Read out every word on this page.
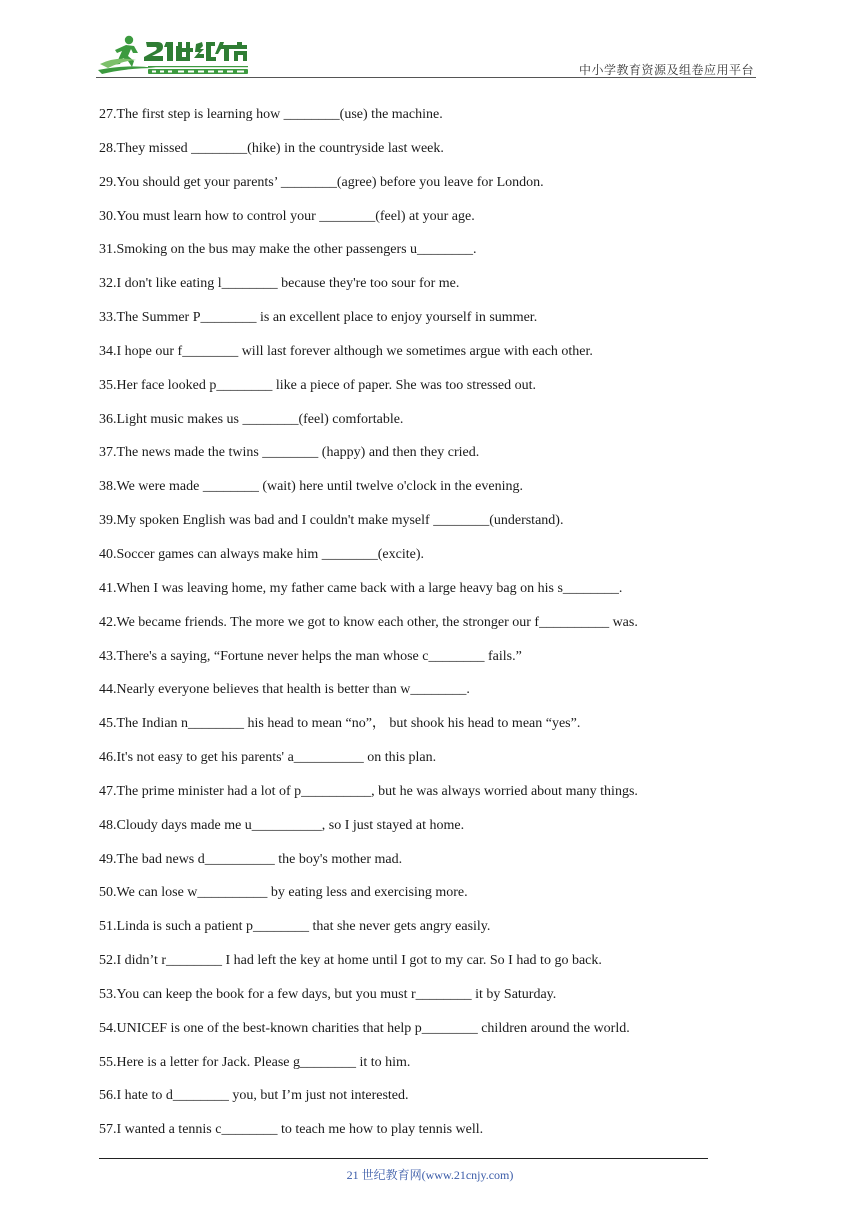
中小学教育资源及组卷应用平台
27.The first step is learning how ________(use) the machine.
28.They missed ________(hike) in the countryside last week.
29.You should get your parents’ ________(agree) before you leave for London.
30.You must learn how to control your ________(feel) at your age.
31.Smoking on the bus may make the other passengers u________.
32.I don't like eating l________ because they're too sour for me.
33.The Summer P________ is an excellent place to enjoy yourself in summer.
34.I hope our f________ will last forever although we sometimes argue with each other.
35.Her face looked p________ like a piece of paper. She was too stressed out.
36.Light music makes us ________(feel) comfortable.
37.The news made the twins ________ (happy) and then they cried.
38.We were made ________ (wait) here until twelve o'clock in the evening.
39.My spoken English was bad and I couldn't make myself ________(understand).
40.Soccer games can always make him ________(excite).
41.When I was leaving home, my father came back with a large heavy bag on his s________.
42.We became friends. The more we got to know each other, the stronger our f__________ was.
43.There's a saying, “Fortune never helps the man whose c________ fails.”
44.Nearly everyone believes that health is better than w________.
45.The Indian n________ his head to mean “no”， but shook his head to mean “yes”.
46.It's not easy to get his parents' a__________ on this plan.
47.The prime minister had a lot of p__________, but he was always worried about many things.
48.Cloudy days made me u__________, so I just stayed at home.
49.The bad news d__________ the boy's mother mad.
50.We can lose w__________ by eating less and exercising more.
51.Linda is such a patient p________ that she never gets angry easily.
52.I didn’t r________ I had left the key at home until I got to my car. So I had to go back.
53.You can keep the book for a few days, but you must r________ it by Saturday.
54.UNICEF is one of the best-known charities that help p________ children around the world.
55.Here is a letter for Jack. Please g________ it to him.
56.I hate to d________ you, but I’m just not interested.
57.I wanted a tennis c________ to teach me how to play tennis well.
21 世纪教育网(www.21cnjy.com)
